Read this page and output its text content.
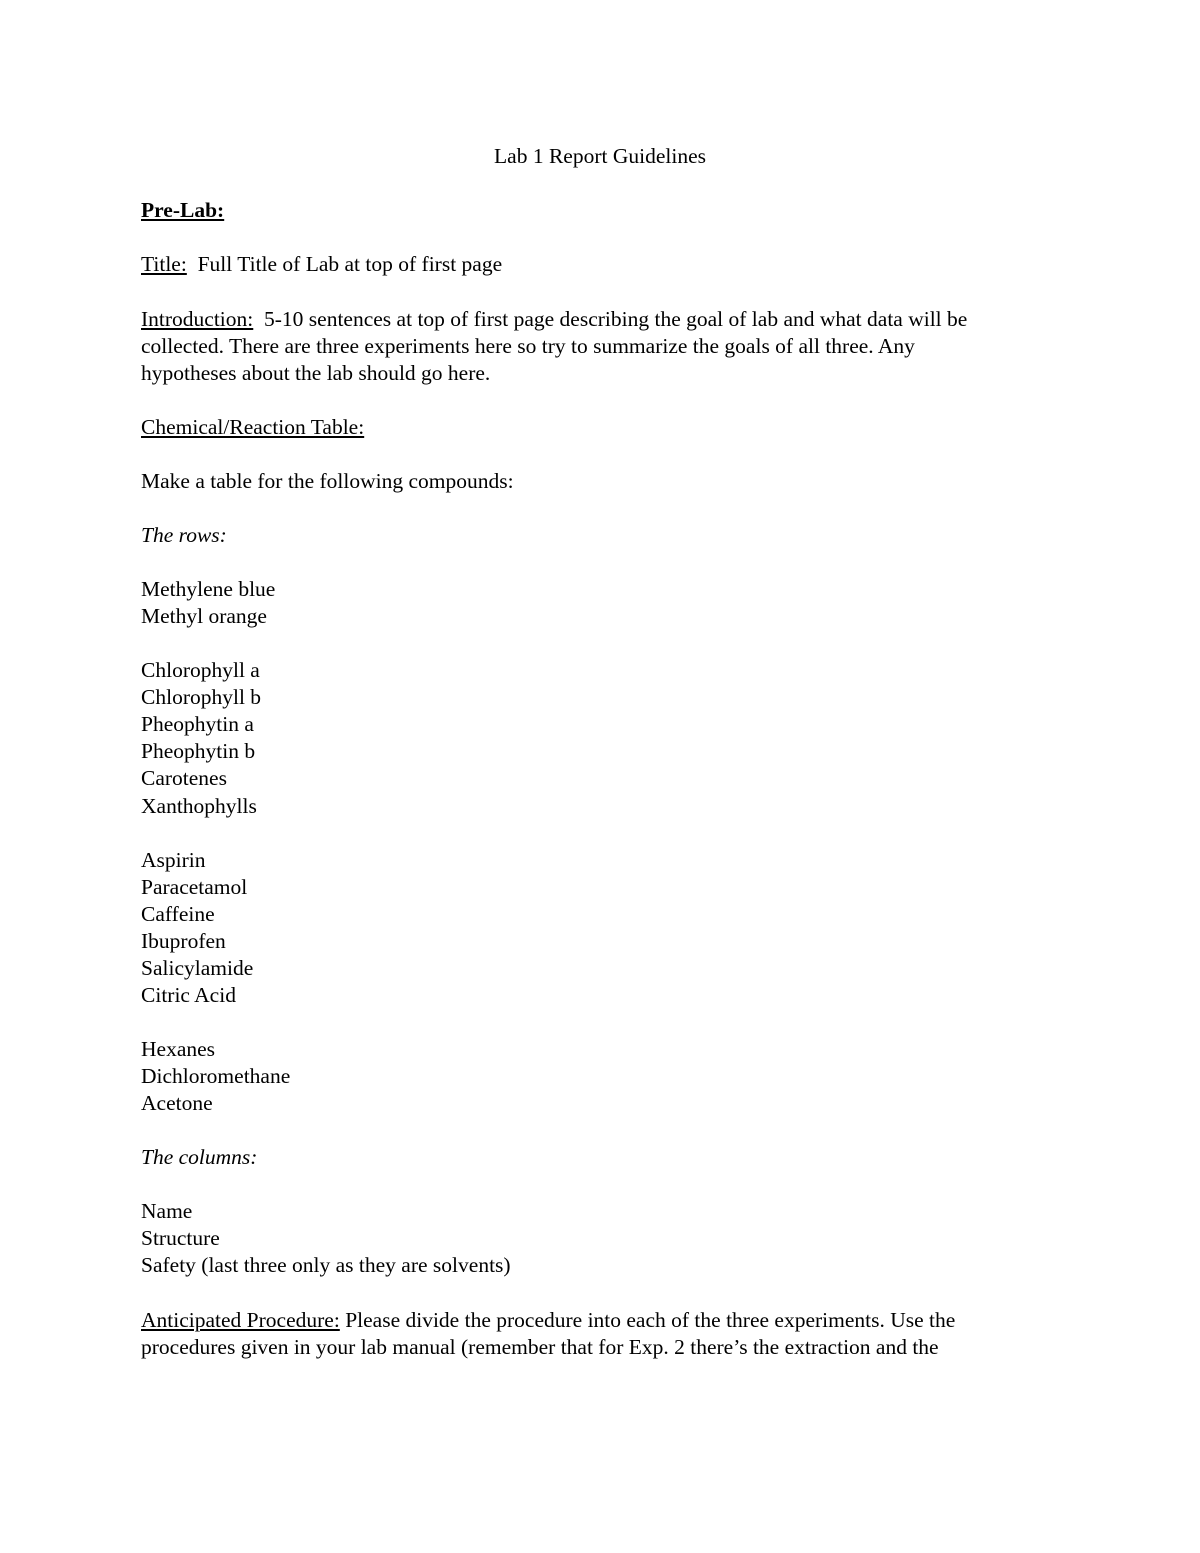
Lab 1 Report Guidelines
Pre-Lab:
Title: Full Title of Lab at top of first page
Introduction: 5-10 sentences at top of first page describing the goal of lab and what data will be
collected. There are three experiments here so try to summarize the goals of all three. Any
hypotheses about the lab should go here.
Chemical/Reaction Table:
Make a table for the following compounds:
The rows:
Methylene blue
Methyl orange
Chlorophyll a
Chlorophyll b
Pheophytin a
Pheophytin b
Carotenes
Xanthophylls
Aspirin
Paracetamol
Caffeine
Ibuprofen
Salicylamide
Citric Acid
Hexanes
Dichloromethane
Acetone
The columns:
Name
Structure
Safety (last three only as they are solvents)
Anticipated Procedure: Please divide the procedure into each of the three experiments. Use the
procedures given in your lab manual (remember that for Exp. 2 there’s the extraction and the
